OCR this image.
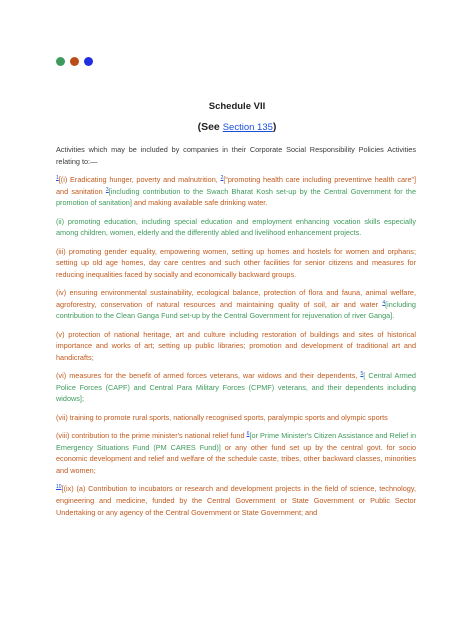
Schedule VII
(See Section 135)

Activities which may be included by companies in their Corporate Social Responsibility Policies Activities relating to:—

$^1$[(i) Eradicating hunger, poverty and malnutrition, $^2$[“promoting health care including preventinve health care”] and sanitation $^3$[including contribution to the Swach Bharat Kosh set-up by the Central Government for the promotion of sanitation] and making available safe drinking water.

(ii) promoting education, including special education and employment enhancing vocation skills especially among children, women, elderly and the differently abled and livelihood enhancement projects.

(iii) promoting gender equality, empowering women, setting up homes and hostels for women and orphans; setting up old age homes, day care centres and such other facilities for senior citizens and measures for reducing inequalities faced by socially and economically backward groups.

(iv) ensuring environmental sustainability, ecological balance, protection of flora and fauna, animal welfare, agroforestry, conservation of natural resources and maintaining quality of soil, air and water $^4$[including contribution to the Clean Ganga Fund set-up by the Central Government for rejuvenation of river Ganga].

(v) protection of national heritage, art and culture including restoration of buildings and sites of historical importance and works of art; setting up public libraries; promotion and development of traditional art and handicrafts;

(vi) measures for the benefit of armed forces veterans, war widows and their dependents, $^5$[ Central Armed Police Forces (CAPF) and Central Para Military Forces (CPMF) veterans, and their dependents including widows];

(vii) training to promote rural sports, nationally recognised sports, paralympic sports and olympic sports

(viii) contribution to the prime minister's national relief fund $^6$[or Prime Minister's Citizen Assistance and Relief in Emergency Situations Fund (PM CARES Fund)] or any other fund set up by the central govt. for socio economic development and relief and welfare of the schedule caste, tribes, other backward classes, minorities and women;

$^{10}$[(ix) (a) Contribution to incubators or research and development projects in the field of science, technology, engineering and medicine, funded by the Central Government or State Government or Public Sector Undertaking or any agency of the Central Government or State Government; and
